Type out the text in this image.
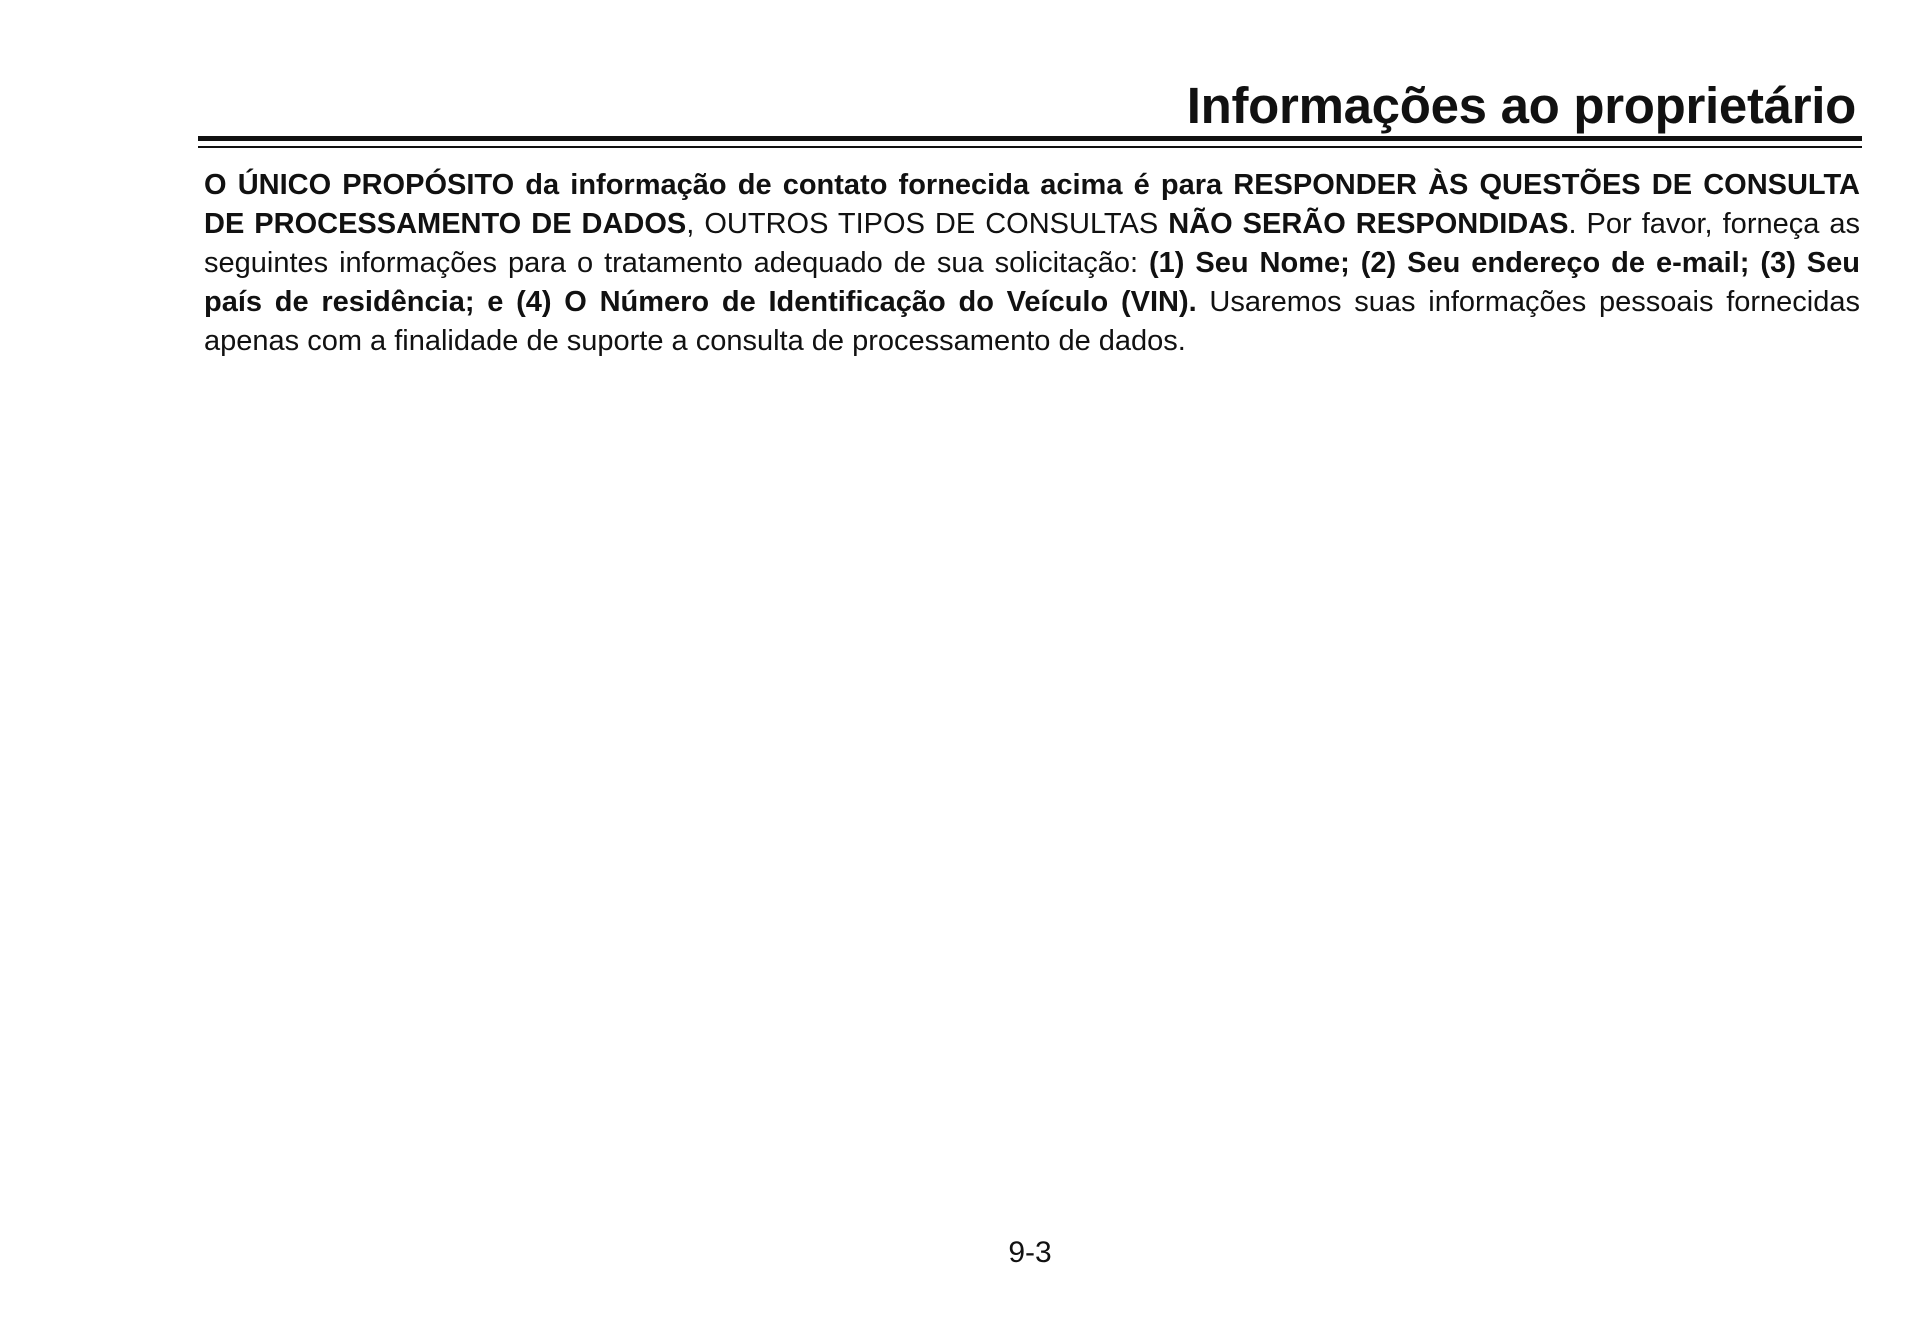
Informações ao proprietário

O ÚNICO PROPÓSITO da informação de contato fornecida acima é para RESPONDER ÀS QUESTÕES DE CONSULTA DE PROCESSAMENTO DE DADOS, OUTROS TIPOS DE CONSULTAS NÃO SERÃO RESPONDIDAS. Por favor, forneça as seguintes informações para o tratamento adequado de sua solicitação: (1) Seu Nome; (2) Seu endereço de e-mail; (3) Seu país de residência; e (4) O Número de Identificação do Veículo (VIN). Usaremos suas informações pessoais fornecidas apenas com a finalidade de suporte a consulta de processamento de dados.

9-3
